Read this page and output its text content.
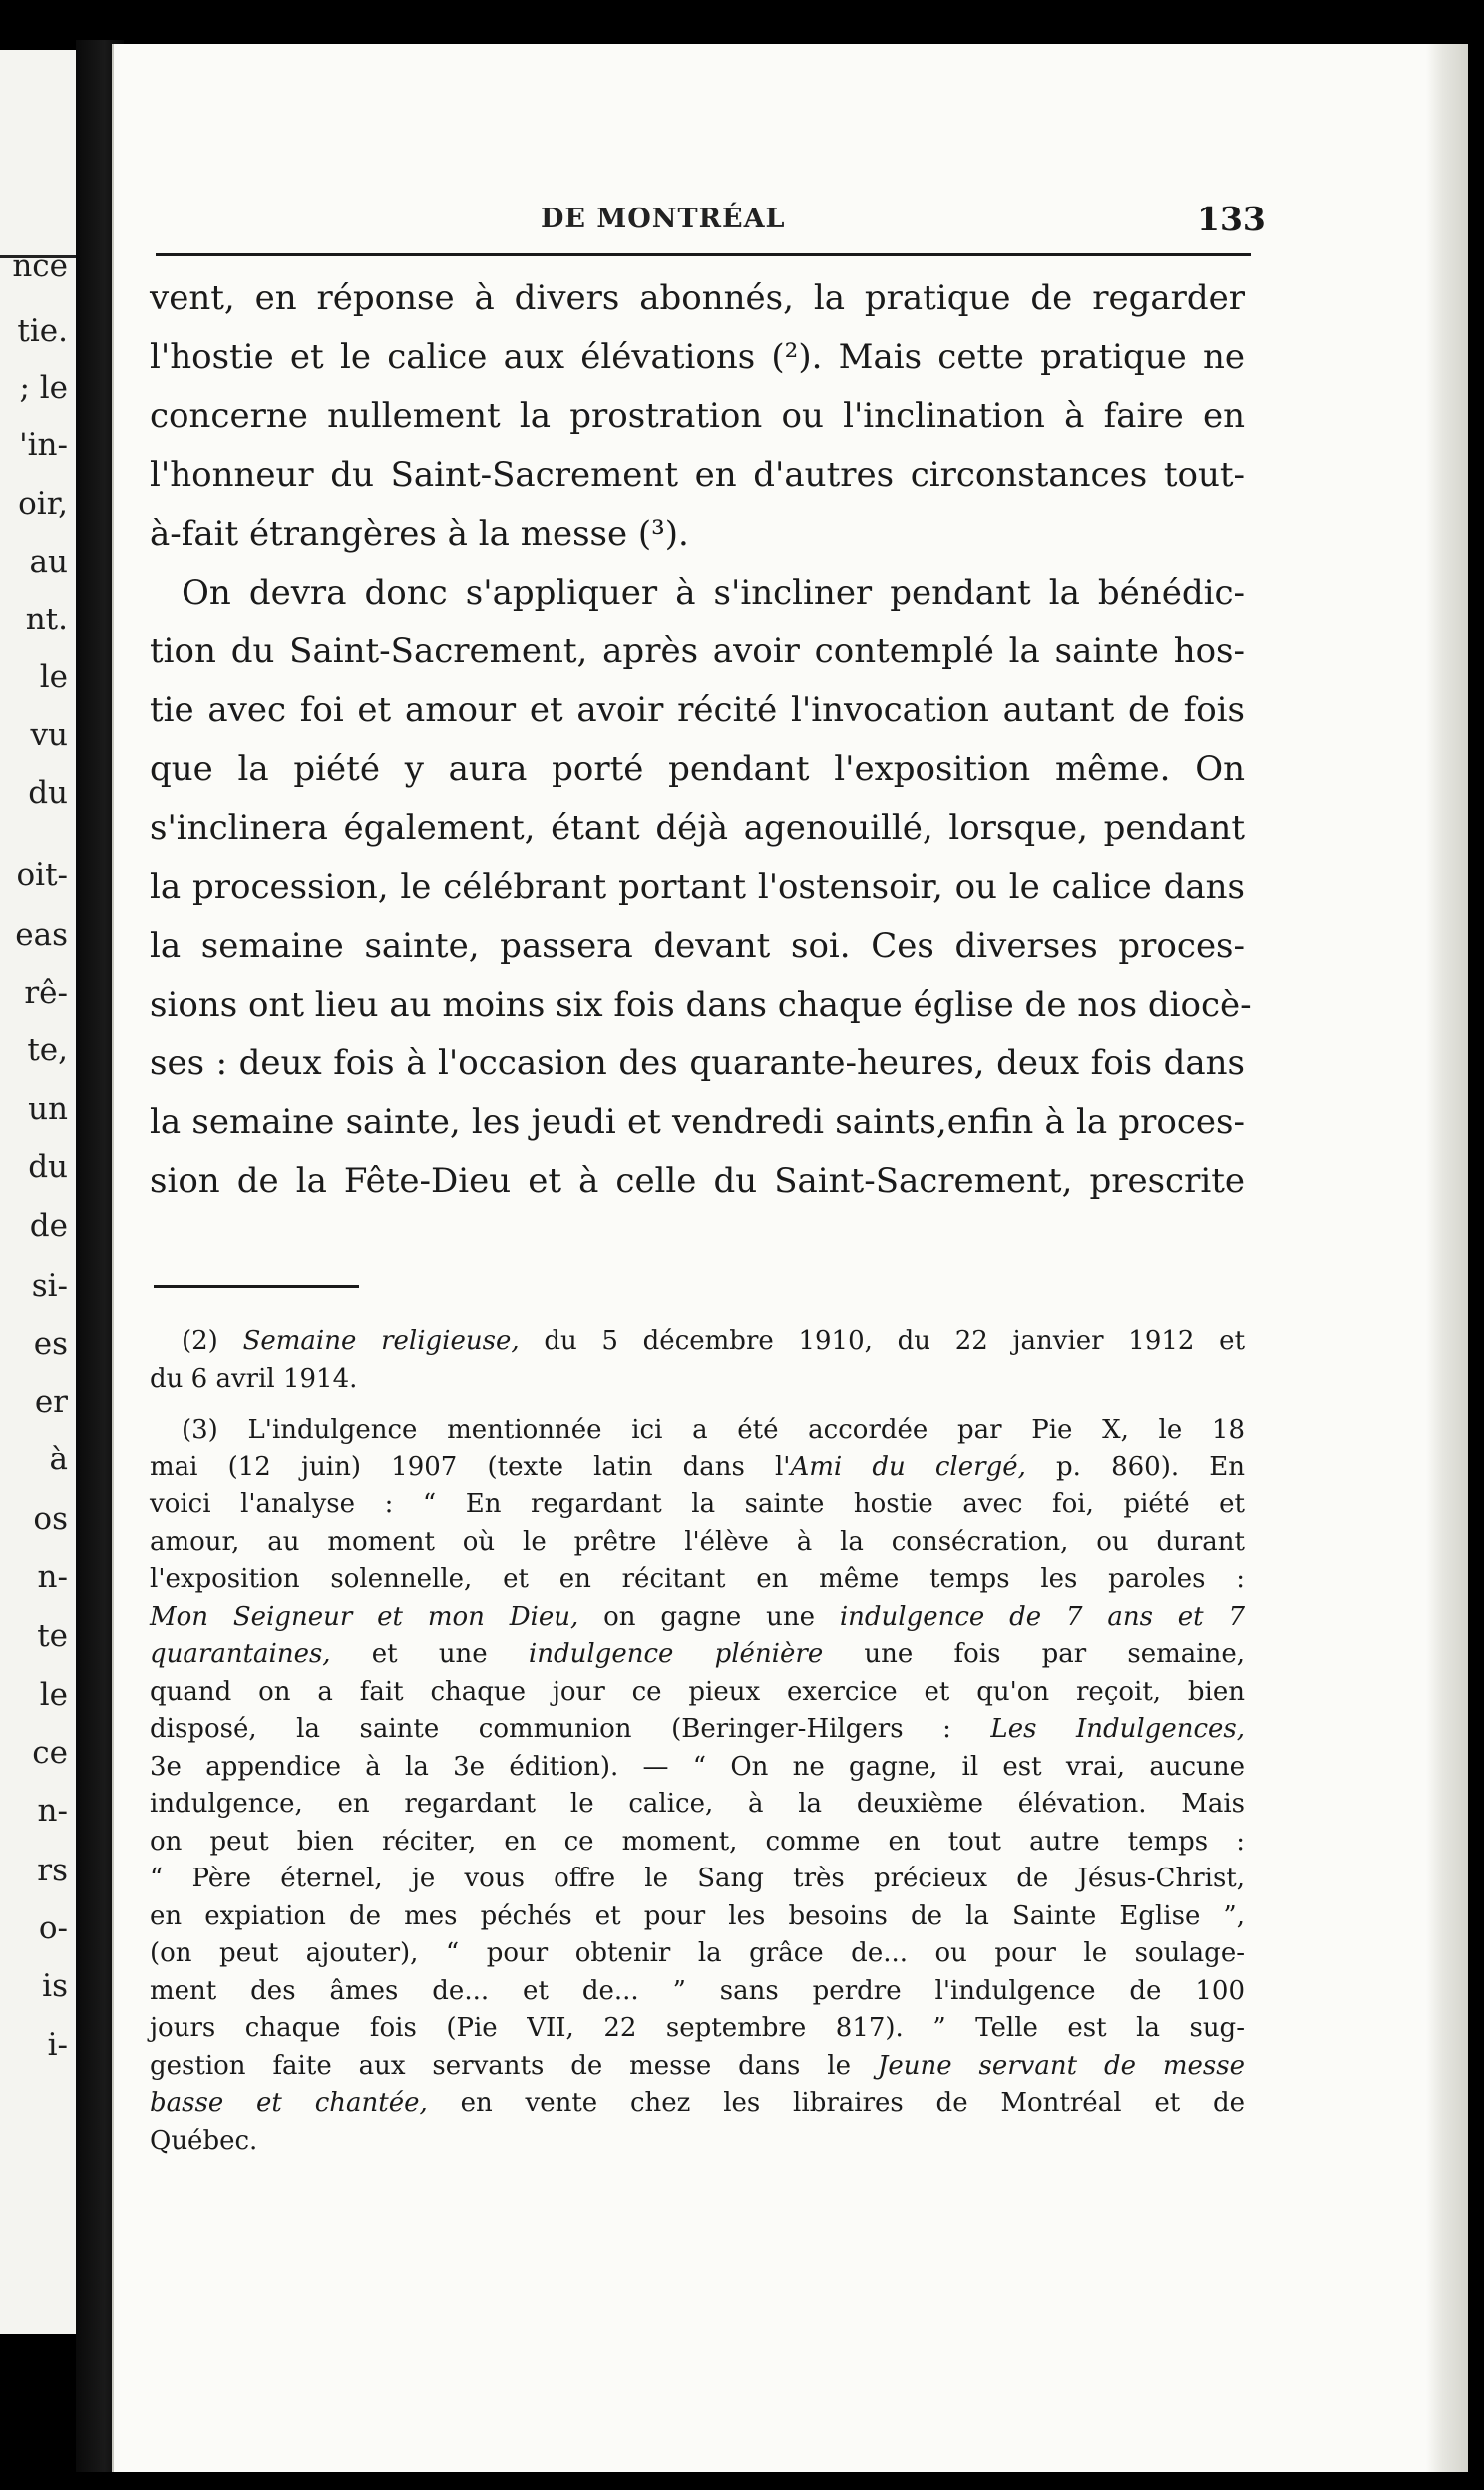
nce
tie.
; le
'in-
oir,
au
nt.
le
vu
du
oit-
eas
rê-
te,
un
du
de
si-
es
er
à
os
n-
te
le
ce
n-
rs
o-
is
i-
DE MONTRÉAL	133
vent, en réponse à divers abonnés, la pratique de regarder
l'hostie et le calice aux élévations (²). Mais cette pratique ne
concerne nullement la prostration ou l'inclination à faire en
l'honneur du Saint-Sacrement en d'autres circonstances tout-
à-fait étrangères à la messe (³).
On devra donc s'appliquer à s'incliner pendant la bénédic-
tion du Saint-Sacrement, après avoir contemplé la sainte hos-
tie avec foi et amour et avoir récité l'invocation autant de fois
que la piété y aura porté pendant l'exposition même. On
s'inclinera également, étant déjà agenouillé, lorsque, pendant
la procession, le célébrant portant l'ostensoir, ou le calice dans
la semaine sainte, passera devant soi. Ces diverses proces-
sions ont lieu au moins six fois dans chaque église de nos diocè-
ses : deux fois à l'occasion des quarante-heures, deux fois dans
la semaine sainte, les jeudi et vendredi saints,enfin à la proces-
sion de la Fête-Dieu et à celle du Saint-Sacrement, prescrite
(2) Semaine religieuse, du 5 décembre 1910, du 22 janvier 1912 et
du 6 avril 1914.
(3) L'indulgence mentionnée ici a été accordée par Pie X, le 18
mai (12 juin) 1907 (texte latin dans l'Ami du clergé, p. 860). En
voici l'analyse : “ En regardant la sainte hostie avec foi, piété et
amour, au moment où le prêtre l'élève à la consécration, ou durant
l'exposition solennelle, et en récitant en même temps les paroles :
Mon Seigneur et mon Dieu, on gagne une indulgence de 7 ans et 7
quarantaines, et une indulgence plénière une fois par semaine,
quand on a fait chaque jour ce pieux exercice et qu'on reçoit, bien
disposé, la sainte communion (Beringer-Hilgers : Les Indulgences,
3e appendice à la 3e édition). — “ On ne gagne, il est vrai, aucune
indulgence, en regardant le calice, à la deuxième élévation. Mais
on peut bien réciter, en ce moment, comme en tout autre temps :
“ Père éternel, je vous offre le Sang très précieux de Jésus-Christ,
en expiation de mes péchés et pour les besoins de la Sainte Eglise ”,
(on peut ajouter), “ pour obtenir la grâce de... ou pour le soulage-
ment des âmes de... et de... ” sans perdre l'indulgence de 100
jours chaque fois (Pie VII, 22 septembre 817). ” Telle est la sug-
gestion faite aux servants de messe dans le Jeune servant de messe
basse et chantée, en vente chez les libraires de Montréal et de
Québec.
